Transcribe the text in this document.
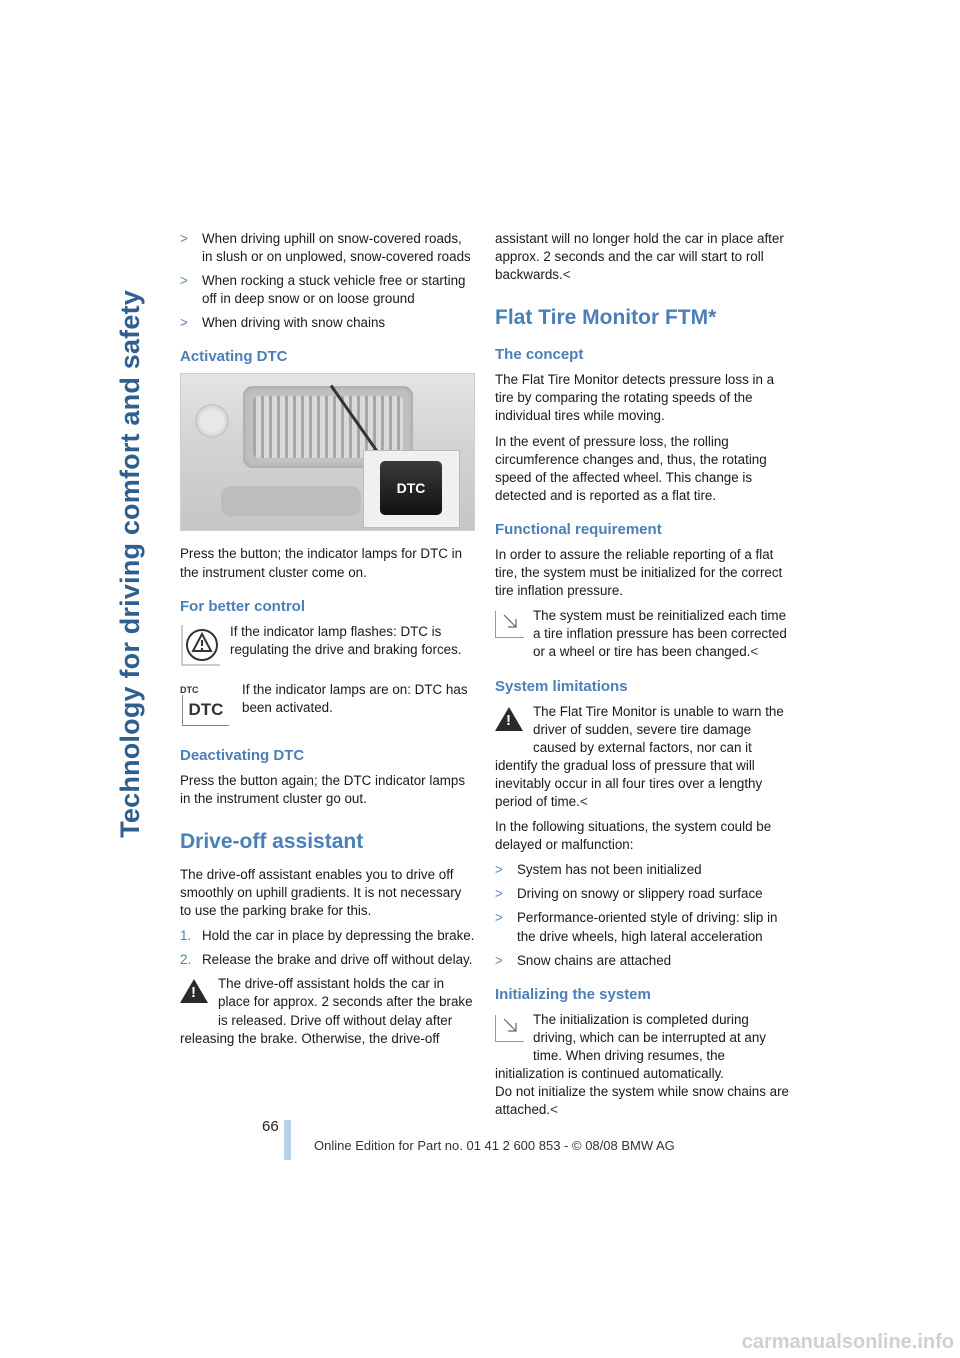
Technology for driving comfort and safety
>	When driving uphill on snow-covered roads, in slush or on unplowed, snow-covered roads
>	When rocking a stuck vehicle free or starting off in deep snow or on loose ground
>	When driving with snow chains
Activating DTC
DTC

Press the button; the indicator lamps for DTC in the instrument cluster come on.

For better control
If the indicator lamp flashes: DTC is regulating the drive and braking forces.
DTC
DTC
If the indicator lamps are on: DTC has been activated.
Deactivating DTC

Press the button again; the DTC indicator lamps in the instrument cluster go out.

Drive-off assistant

The drive-off assistant enables you to drive off smoothly on uphill gradients. It is not necessary to use the parking brake for this.

1. Hold the car in place by depressing the brake.
2. Release the brake and drive off without delay.
!
The drive-off assistant holds the car in place for approx. 2 seconds after the brake is released. Drive off without delay after releasing the brake. Otherwise, the drive-off

assistant will no longer hold the car in place after approx. 2 seconds and the car will start to roll backwards.<

Flat Tire Monitor FTM*
The concept

The Flat Tire Monitor detects pressure loss in a tire by comparing the rotating speeds of the individual tires while moving.

In the event of pressure loss, the rolling circumference changes and, thus, the rotating speed of the affected wheel. This change is detected and is reported as a flat tire.

Functional requirement

In order to assure the reliable reporting of a flat tire, the system must be initialized for the correct tire inflation pressure.

The system must be reinitialized each time a tire inflation pressure has been corrected or a wheel or tire has been changed.<
System limitations
!
The Flat Tire Monitor is unable to warn the driver of sudden, severe tire damage caused by external factors, nor can it identify the gradual loss of pressure that will inevitably occur in all four tires over a lengthy period of time.<

In the following situations, the system could be delayed or malfunction:

>	System has not been initialized
>	Driving on snowy or slippery road surface
>	Performance-oriented style of driving: slip in the drive wheels, high lateral acceleration
>	Snow chains are attached
Initializing the system
The initialization is completed during driving, which can be interrupted at any time. When driving resumes, the initialization is continued automatically.
Do not initialize the system while snow chains are attached.<
66
Online Edition for Part no. 01 41 2 600 853 - © 08/08 BMW AG
carmanualsonline.info
